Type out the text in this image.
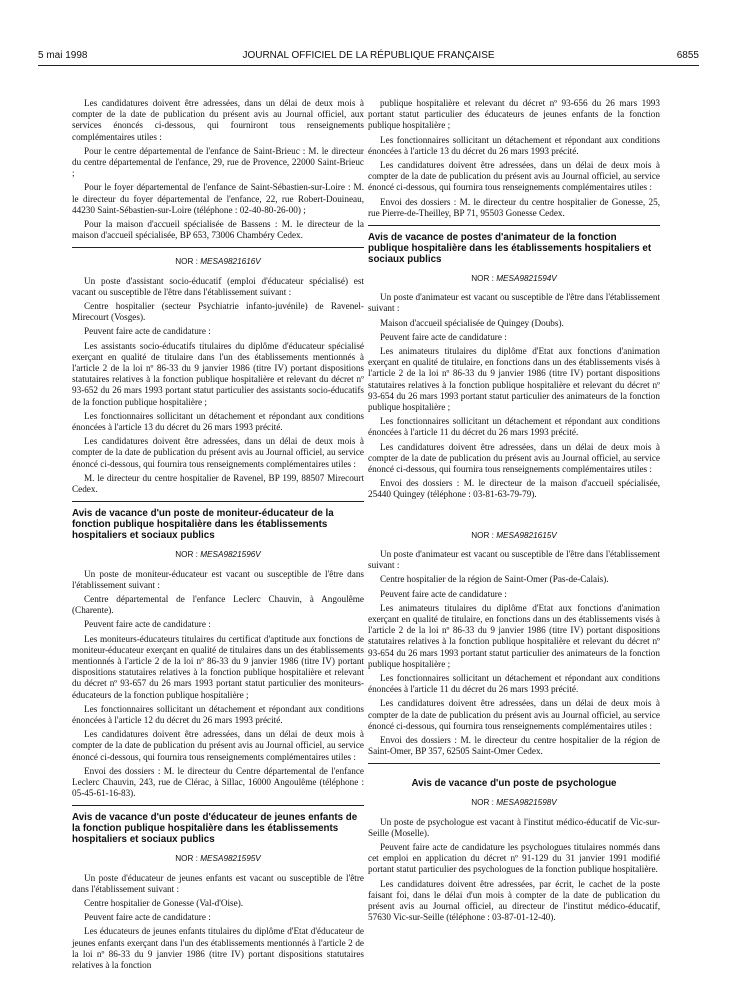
5 mai 1998	JOURNAL OFFICIEL DE LA RÉPUBLIQUE FRANÇAISE	6855

Les candidatures doivent être adressées, dans un délai de deux mois à compter de la date de publication du présent avis au Journal officiel, aux services énoncés ci-dessous, qui fourniront tous renseignements complémentaires utiles :

Pour le centre départemental de l'enfance de Saint-Brieuc : M. le directeur du centre départemental de l'enfance, 29, rue de Provence, 22000 Saint-Brieuc ;

Pour le foyer départemental de l'enfance de Saint-Sébastien-sur-Loire : M. le directeur du foyer départemental de l'enfance, 22, rue Robert-Douineau, 44230 Saint-Sébastien-sur-Loire (téléphone : 02-40-80-26-00) ;

Pour la maison d'accueil spécialisée de Bassens : M. le directeur de la maison d'accueil spécialisée, BP 653, 73006 Chambéry Cedex.

NOR : MESA9821616V

Un poste d'assistant socio-éducatif (emploi d'éducateur spécialisé) est vacant ou susceptible de l'être dans l'établissement suivant :

Centre hospitalier (secteur Psychiatrie infanto-juvénile) de Ravenel-Mirecourt (Vosges).

Peuvent faire acte de candidature :

Les assistants socio-éducatifs titulaires du diplôme d'éducateur spécialisé exerçant en qualité de titulaire dans l'un des établissements mentionnés à l'article 2 de la loi nº 86-33 du 9 janvier 1986 (titre IV) portant dispositions statutaires relatives à la fonction publique hospitalière et relevant du décret nº 93-652 du 26 mars 1993 portant statut particulier des assistants socio-éducatifs de la fonction publique hospitalière ;

Les fonctionnaires sollicitant un détachement et répondant aux conditions énoncées à l'article 13 du décret du 26 mars 1993 précité.

Les candidatures doivent être adressées, dans un délai de deux mois à compter de la date de publication du présent avis au Journal officiel, au service énoncé ci-dessous, qui fournira tous renseignements complémentaires utiles :

M. le directeur du centre hospitalier de Ravenel, BP 199, 88507 Mirecourt Cedex.

Avis de vacance d'un poste de moniteur-éducateur de la fonction publique hospitalière dans les établissements hospitaliers et sociaux publics
NOR : MESA9821596V

Un poste de moniteur-éducateur est vacant ou susceptible de l'être dans l'établissement suivant :

Centre départemental de l'enfance Leclerc Chauvin, à Angoulême (Charente).

Peuvent faire acte de candidature :

Les moniteurs-éducateurs titulaires du certificat d'aptitude aux fonctions de moniteur-éducateur exerçant en qualité de titulaires dans un des établissements mentionnés à l'article 2 de la loi nº 86-33 du 9 janvier 1986 (titre IV) portant dispositions statutaires relatives à la fonction publique hospitalière et relevant du décret nº 93-657 du 26 mars 1993 portant statut particulier des moniteurs-éducateurs de la fonction publique hospitalière ;

Les fonctionnaires sollicitant un détachement et répondant aux conditions énoncées à l'article 12 du décret du 26 mars 1993 précité.

Les candidatures doivent être adressées, dans un délai de deux mois à compter de la date de publication du présent avis au Journal officiel, au service énoncé ci-dessous, qui fournira tous renseignements complémentaires utiles :

Envoi des dossiers : M. le directeur du Centre départemental de l'enfance Leclerc Chauvin, 243, rue de Clérac, à Sillac, 16000 Angoulême (téléphone : 05-45-61-16-83).

Avis de vacance d'un poste d'éducateur de jeunes enfants de la fonction publique hospitalière dans les établissements hospitaliers et sociaux publics
NOR : MESA9821595V

Un poste d'éducateur de jeunes enfants est vacant ou susceptible de l'être dans l'établissement suivant :

Centre hospitalier de Gonesse (Val-d'Oise).

Peuvent faire acte de candidature :

Les éducateurs de jeunes enfants titulaires du diplôme d'Etat d'éducateur de jeunes enfants exerçant dans l'un des établissements mentionnés à l'article 2 de la loi nº 86-33 du 9 janvier 1986 (titre IV) portant dispositions statutaires relatives à la fonction

publique hospitalière et relevant du décret nº 93-656 du 26 mars 1993 portant statut particulier des éducateurs de jeunes enfants de la fonction publique hospitalière ;

Les fonctionnaires sollicitant un détachement et répondant aux conditions énoncées à l'article 13 du décret du 26 mars 1993 précité.

Les candidatures doivent être adressées, dans un délai de deux mois à compter de la date de publication du présent avis au Journal officiel, au service énoncé ci-dessous, qui fournira tous renseignements complémentaires utiles :

Envoi des dossiers : M. le directeur du centre hospitalier de Gonesse, 25, rue Pierre-de-Theilley, BP 71, 95503 Gonesse Cedex.

Avis de vacance de postes d'animateur de la fonction publique hospitalière dans les établissements hospitaliers et sociaux publics
NOR : MESA9821594V

Un poste d'animateur est vacant ou susceptible de l'être dans l'établissement suivant :

Maison d'accueil spécialisée de Quingey (Doubs).

Peuvent faire acte de candidature :

Les animateurs titulaires du diplôme d'Etat aux fonctions d'animation exerçant en qualité de titulaire, en fonctions dans un des établissements visés à l'article 2 de la loi nº 86-33 du 9 janvier 1986 (titre IV) portant dispositions statutaires relatives à la fonction publique hospitalière et relevant du décret nº 93-654 du 26 mars 1993 portant statut particulier des animateurs de la fonction publique hospitalière ;

Les fonctionnaires sollicitant un détachement et répondant aux conditions énoncées à l'article 11 du décret du 26 mars 1993 précité.

Les candidatures doivent être adressées, dans un délai de deux mois à compter de la date de publication du présent avis au Journal officiel, au service énoncé ci-dessous, qui fournira tous renseignements complémentaires utiles :

Envoi des dossiers : M. le directeur de la maison d'accueil spécialisée, 25440 Quingey (téléphone : 03-81-63-79-79).

NOR : MESA9821615V

Un poste d'animateur est vacant ou susceptible de l'être dans l'établissement suivant :

Centre hospitalier de la région de Saint-Omer (Pas-de-Calais).

Peuvent faire acte de candidature :

Les animateurs titulaires du diplôme d'Etat aux fonctions d'animation exerçant en qualité de titulaire, en fonctions dans un des établissements visés à l'article 2 de la loi nº 86-33 du 9 janvier 1986 (titre IV) portant dispositions statutaires relatives à la fonction publique hospitalière et relevant du décret nº 93-654 du 26 mars 1993 portant statut particulier des animateurs de la fonction publique hospitalière ;

Les fonctionnaires sollicitant un détachement et répondant aux conditions énoncées à l'article 11 du décret du 26 mars 1993 précité.

Les candidatures doivent être adressées, dans un délai de deux mois à compter de la date de publication du présent avis au Journal officiel, au service énoncé ci-dessous, qui fournira tous renseignements complémentaires utiles :

Envoi des dossiers : M. le directeur du centre hospitalier de la région de Saint-Omer, BP 357, 62505 Saint-Omer Cedex.

Avis de vacance d'un poste de psychologue
NOR : MESA9821598V

Un poste de psychologue est vacant à l'institut médico-éducatif de Vic-sur-Seille (Moselle).

Peuvent faire acte de candidature les psychologues titulaires nommés dans cet emploi en application du décret nº 91-129 du 31 janvier 1991 modifié portant statut particulier des psychologues de la fonction publique hospitalière.

Les candidatures doivent être adressées, par écrit, le cachet de la poste faisant foi, dans le délai d'un mois à compter de la date de publication du présent avis au Journal officiel, au directeur de l'institut médico-éducatif, 57630 Vic-sur-Seille (téléphone : 03-87-01-12-40).
